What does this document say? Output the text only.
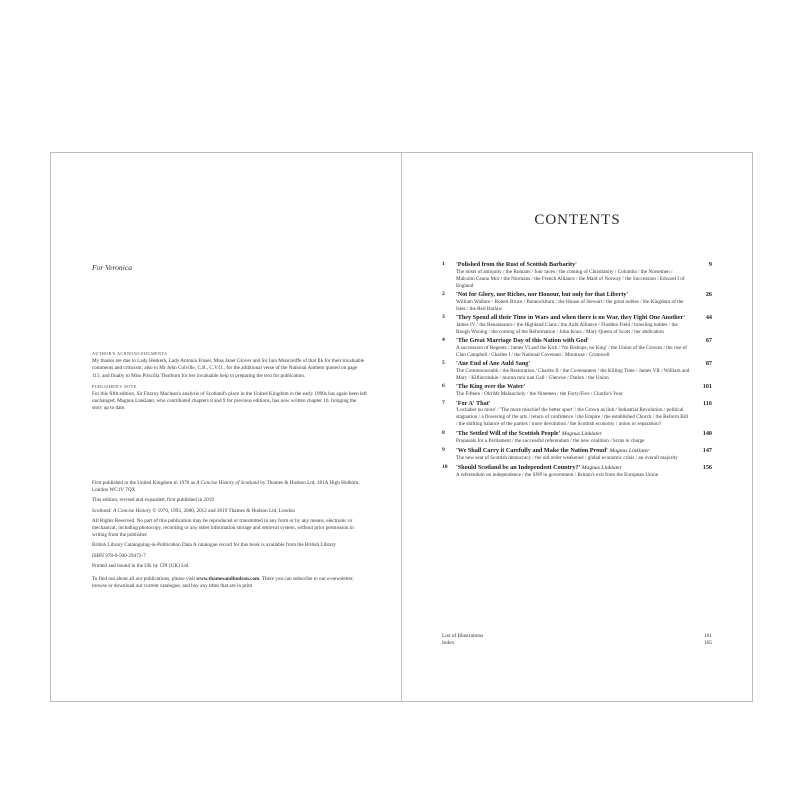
For Veronica
AUTHOR'S ACKNOWLEDGMENTS

My thanks are due to Lady Hesketh, Lady Antonia Fraser, Miss Janet Glover and Sir Iain Moncreiffe of that Ilk for their invaluable comments and criticism; also to Mr John Colville, C.B., C.V.O., for the additional verse of the National Anthem quoted on page 111; and finally to Miss Priscilla Thorburn for her invaluable help in preparing the text for publication.

PUBLISHER'S NOTE

For this fifth edition, Sir Fitzroy Maclean's analysis of Scotland's place in the United Kingdom in the early 1990s has again been left unchanged. Magnus Linklater, who contributed chapters 8 and 9 for previous editions, has now written chapter 10, bringing the story up to date.

First published in the United Kingdom in 1970 as A Concise History of Scotland by Thames & Hudson Ltd, 181A High Holborn, London WC1V 7QX

This edition, revised and expanded, first published in 2019

Scotland: A Concise History © 1970, 1993, 2000, 2012 and 2019 Thames & Hudson Ltd, London

All Rights Reserved. No part of this publication may be reproduced or transmitted in any form or by any means, electronic or mechanical, including photocopy, recording or any other information storage and retrieval system, without prior permission in writing from the publisher.

British Library Cataloguing-in-Publication Data A catalogue record for this book is available from the British Library

ISBN 978-0-500-29472-7

Printed and bound in the UK by CPI (UK) Ltd

To find out about all our publications, please visit www.thamesandhudson.com. There you can subscribe to our e-newsletter, browse or download our current catalogue, and buy any titles that are in print

CONTENTS
1	'Polished from the Rust of Scottish Barbarity'	9
The mists of antiquity / the Romans / four races / the coming of Christianity / Columba / the Norsemen / Malcolm Ceann Mor / the Normans / the French Alliance / the Maid of Norway / the Succession / Edward I of England
2	'Not for Glory, nor Riches, nor Honour, but only for that Liberty'	26
William Wallace / Robert Bruce / Bannockburn / the House of Stewart / the great nobles / the Kingdom of the Isles / the Red Harlaw
3	'They Spend all their Time in Wars and when there is no War, they Fight One Another'	44
James IV / the Renaissance / the Highland Clans / the Auld Alliance / Flodden Field / brawling nobles / the Rough Wooing / the coming of the Reformation / John Knox / Mary Queen of Scots / her abdication
4	'The Great Marriage Day of this Nation with God'	67
A succession of Regents / James VI and the Kirk / 'No Bishops, no King' / the Union of the Crowns / the rise of Clan Campbell / Charles I / the National Covenant / Montrose / Cromwell
5	'Ane End of Ane Auld Sang'	87
The Commonwealth / the Restoration / Charles II / the Covenanters / the Killing Time / James VII / William and Mary / Killiecrankie / murun mor nan Gall / Glencoe / Darien / the Union
6	'The King over the Water'	101
The Fifteen / Old Mr Melancholy / the Nineteen / the Forty/Five / Charlie's Year
7	'For A' That'	116
'Lochaber no more' / 'The more mischief the better sport' / the Crown as link / Industrial Revolution / political stagnation / a flowering of the arts / return of confidence / the Empire / the established Church / the Reform Bill / the shifting balance of the parties / more devolution / the Scottish economy / union or separation?
8	'The Settled Will of the Scottish People' Magnus Linklater	140
Proposals for a Parliament / the successful referendum / the new coalition / Scots in charge
9	'We Shall Carry it Carefully and Make the Nation Proud' Magnus Linklater	147
The new seat of Scottish democracy / the old order weakened / global economic crisis / an overall majority
10	'Should Scotland be an Independent Country?' Magnus Linklater	156
A referendum on independence / the SNP in government / Britain's exit from the European Union
List of Illustrations	161
Index	165
